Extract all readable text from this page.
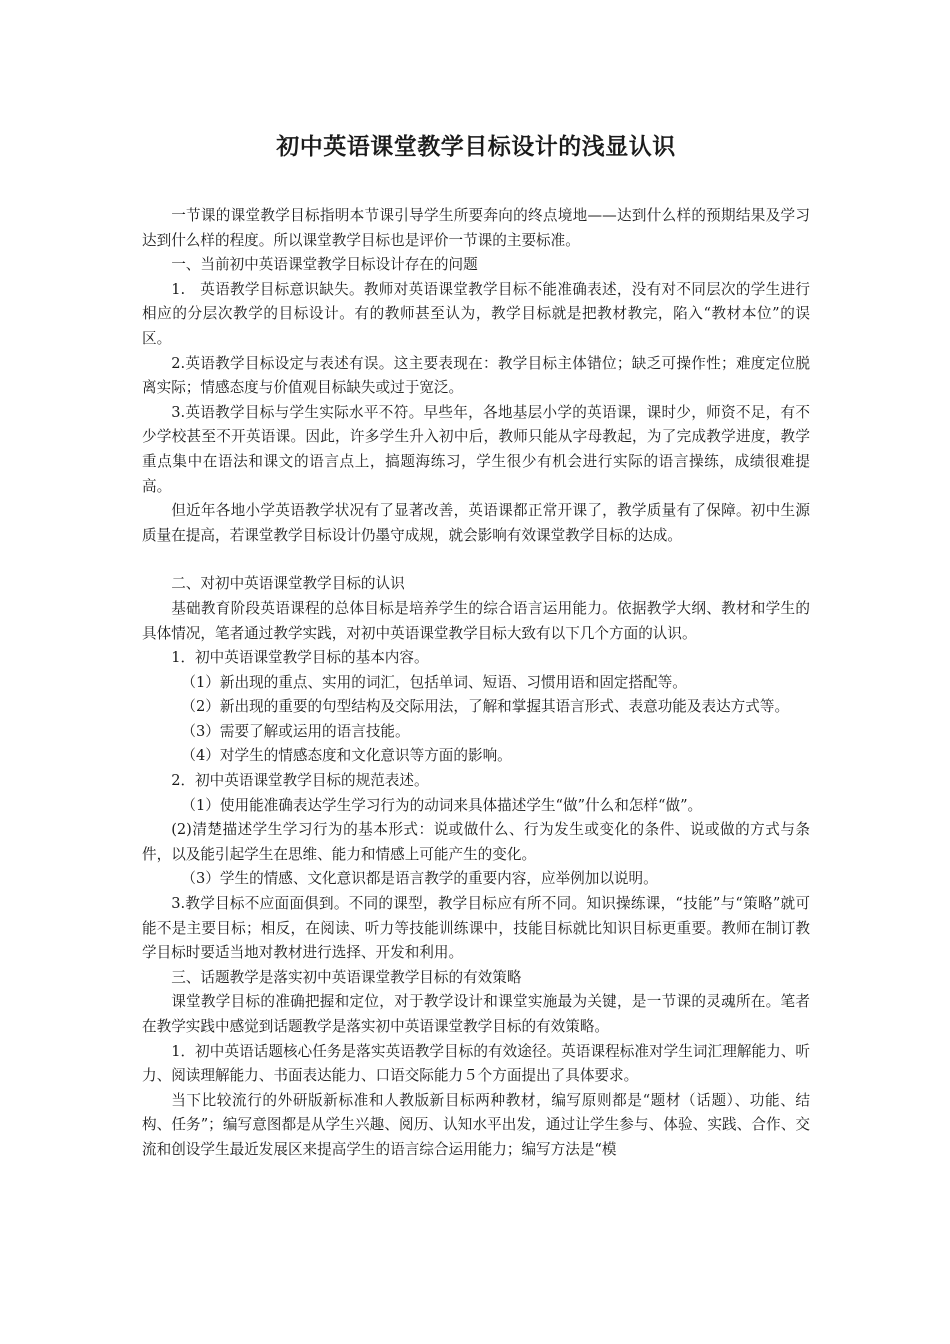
初中英语课堂教学目标设计的浅显认识

一节课的课堂教学目标指明本节课引导学生所要奔向的终点境地——达到什么样的预期结果及学习达到什么样的程度。所以课堂教学目标也是评价一节课的主要标准。

一、当前初中英语课堂教学目标设计存在的问题

1.　英语教学目标意识缺失。教师对英语课堂教学目标不能准确表述，没有对不同层次的学生进行相应的分层次教学的目标设计。有的教师甚至认为，教学目标就是把教材教完，陷入“教材本位”的误区。

2.英语教学目标设定与表述有误。这主要表现在：教学目标主体错位；缺乏可操作性；难度定位脱离实际；情感态度与价值观目标缺失或过于宽泛。

3.英语教学目标与学生实际水平不符。早些年，各地基层小学的英语课，课时少，师资不足，有不少学校甚至不开英语课。因此，许多学生升入初中后，教师只能从字母教起，为了完成教学进度，教学重点集中在语法和课文的语言点上，搞题海练习，学生很少有机会进行实际的语言操练，成绩很难提高。

但近年各地小学英语教学状况有了显著改善，英语课都正常开课了，教学质量有了保障。初中生源质量在提高，若课堂教学目标设计仍墨守成规，就会影响有效课堂教学目标的达成。

二、对初中英语课堂教学目标的认识

基础教育阶段英语课程的总体目标是培养学生的综合语言运用能力。依据教学大纲、教材和学生的具体情况，笔者通过教学实践，对初中英语课堂教学目标大致有以下几个方面的认识。

1．初中英语课堂教学目标的基本内容。

（1）新出现的重点、实用的词汇，包括单词、短语、习惯用语和固定搭配等。

（2）新出现的重要的句型结构及交际用法，了解和掌握其语言形式、表意功能及表达方式等。

（3）需要了解或运用的语言技能。

（4）对学生的情感态度和文化意识等方面的影响。

2．初中英语课堂教学目标的规范表述。

（1）使用能准确表达学生学习行为的动词来具体描述学生“做”什么和怎样“做”。

(2)清楚描述学生学习行为的基本形式：说或做什么、行为发生或变化的条件、说或做的方式与条件，以及能引起学生在思维、能力和情感上可能产生的变化。

（3）学生的情感、文化意识都是语言教学的重要内容，应举例加以说明。

3.教学目标不应面面俱到。不同的课型，教学目标应有所不同。知识操练课，“技能”与“策略”就可能不是主要目标；相反，在阅读、听力等技能训练课中，技能目标就比知识目标更重要。教师在制订教学目标时要适当地对教材进行选择、开发和利用。

三、话题教学是落实初中英语课堂教学目标的有效策略

课堂教学目标的准确把握和定位，对于教学设计和课堂实施最为关键，是一节课的灵魂所在。笔者在教学实践中感觉到话题教学是落实初中英语课堂教学目标的有效策略。

1．初中英语话题核心任务是落实英语教学目标的有效途径。英语课程标准对学生词汇理解能力、听力、阅读理解能力、书面表达能力、口语交际能力５个方面提出了具体要求。

当下比较流行的外研版新标准和人教版新目标两种教材，编写原则都是“题材（话题）、功能、结构、任务”；编写意图都是从学生兴趣、阅历、认知水平出发，通过让学生参与、体验、实践、合作、交流和创设学生最近发展区来提高学生的语言综合运用能力；编写方法是“模
